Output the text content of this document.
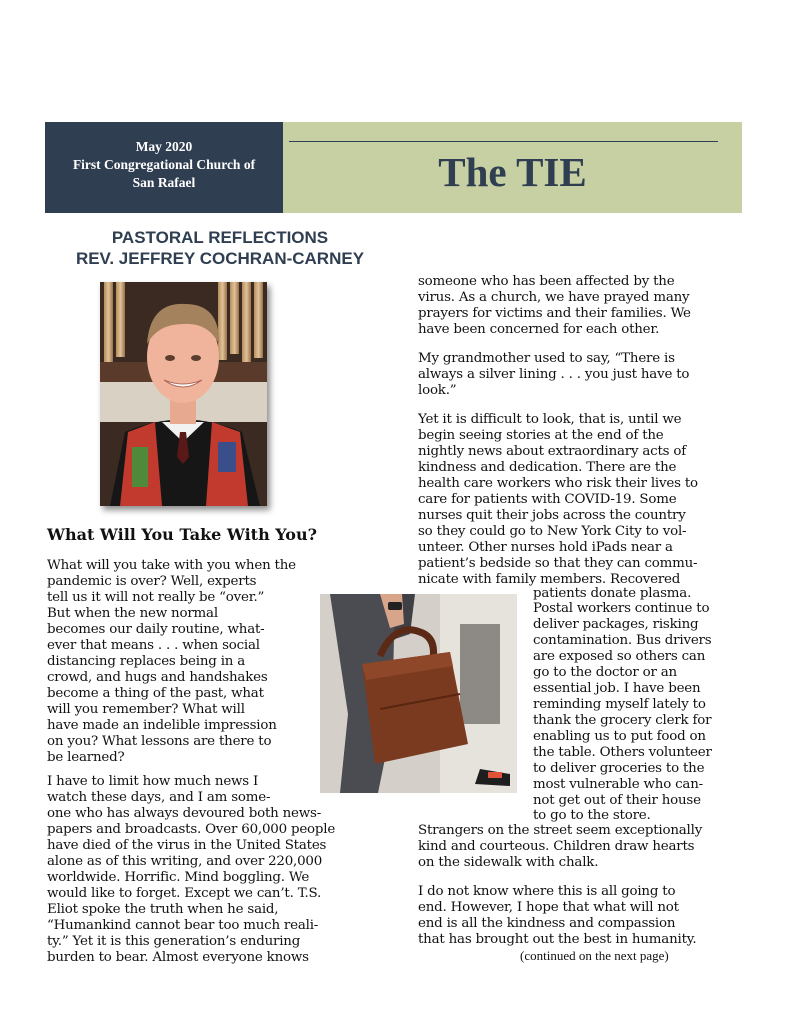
May 2020
First Congregational Church of
San Rafael	The TIE
PASTORAL REFLECTIONS
REV. JEFFREY COCHRAN-CARNEY
What Will You Take With You?
What will you take with you when the
pandemic is over? Well, experts
tell us it will not really be “over.”
But when the new normal
becomes our daily routine, what-
ever that means . . . when social
distancing replaces being in a
crowd, and hugs and handshakes
become a thing of the past, what
will you remember? What will
have made an indelible impression
on you? What lessons are there to
be learned?
I have to limit how much news I
watch these days, and I am some-
one who has always devoured both news-
papers and broadcasts. Over 60,000 people
have died of the virus in the United States
alone as of this writing, and over 220,000
worldwide. Horrific. Mind boggling. We
would like to forget. Except we can’t. T.S.
Eliot spoke the truth when he said,
“Humankind cannot bear too much reali-
ty.” Yet it is this generation’s enduring
burden to bear. Almost everyone knows
someone who has been affected by the
virus. As a church, we have prayed many
prayers for victims and their families. We
have been concerned for each other.
My grandmother used to say, “There is
always a silver lining . . . you just have to
look.”
Yet it is difficult to look, that is, until we
begin seeing stories at the end of the
nightly news about extraordinary acts of
kindness and dedication. There are the
health care workers who risk their lives to
care for patients with COVID-19. Some
nurses quit their jobs across the country
so they could go to New York City to vol-
unteer. Other nurses hold iPads near a
patient’s bedside so that they can commu-
nicate with family members. Recovered
patients donate plasma.
Postal workers continue to
deliver packages, risking
contamination. Bus drivers
are exposed so others can
go to the doctor or an
essential job. I have been
reminding myself lately to
thank the grocery clerk for
enabling us to put food on
the table. Others volunteer
to deliver groceries to the
most vulnerable who can-
not get out of their house
to go to the store.
Strangers on the street seem exceptionally
kind and courteous. Children draw hearts
on the sidewalk with chalk.
I do not know where this is all going to
end. However, I hope that what will not
end is all the kindness and compassion
that has brought out the best in humanity.
(continued on the next page)
